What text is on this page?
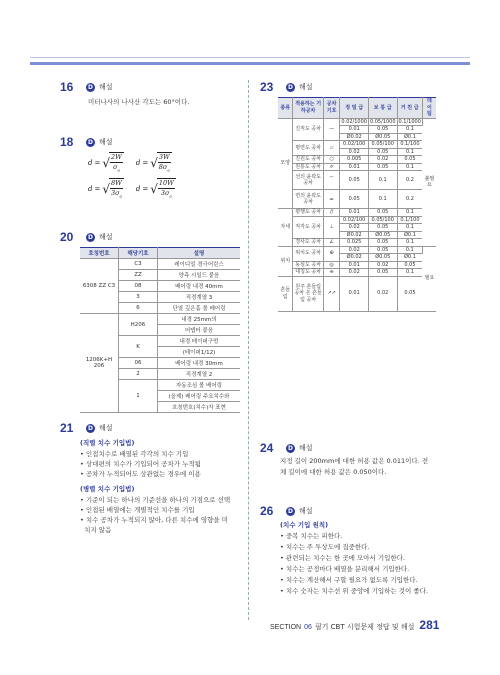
16	D 해설
미터나사의 나사산 각도는 60°이다.
18	D 해설
d = √ $\frac{2W}{\sigma_a}$ d = √ $\frac{3W}{8\sigma_a}$
d = √ $\frac{8W}{3\sigma_a}$ d = √ $\frac{10W}{3\sigma_a}$
20	D 해설
호칭번호	해당기호	설명
6308 ZZ C3	C3	레이디얼 경극어린스
	ZZ	양측 시일드 붙음
	08	베어링 내경 40mm
	3	직경계열 3
	6	단열 깊은홈 볼 베어링
1206K+H 206	H206	내경 25mm의
		어댑터 붙음
	K	내경 테이퍼구멍
		(테이퍼1/12)
	06	베어링 내경 30mm
	2	직경계열 2
	1	자동조심 볼 베어링
		(올제) 베어링 주요치수와
		호칭번호(치수)자 표현
21	D 해설
(직렬 치수 기입법)
• 인접치수로 배열된 각각의 치수 기입
• 상대편의 치수가 기입되어 공차가 누적됨
• 공차가 누적되어도 상관없는 경우에 이용
(병렬 치수 기입법)
• 기준이 되는 하나의 기준선을 하나의 기점으로 선택
• 인접된 배열에는 개별적인 치수를 기입
• 치수 공차가 누적되지 않아, 다른 치수에 영향을 미
치지 않음
23	D 해설
종류	적용하는 기하공차	공차 기호	정 밀 급	보 통 급	거 친 급	데 이 텀
모양	진직도 공차	—	0.02/1000	0.05/1000	0.1/1000	불필요
			0.01	0.05	0.1	
			Ø0.02	Ø0.05	Ø0.1	
	평면도 공차	▱	0.02/100	0.05/100	0.1/100	
			0.02	0.05	0.1	
	진원도 공차	○	0.005	0.02	0.05	
	원통도 공차	⌭	0.01	0.05	0.1	
	선의 윤곽도 공차	⌒	0.05	0.1	0.2	
	면의 윤곽도 공차	⌓	0.05	0.1	0.2	
자세	평행도 공차	//	0.01	0.05	0.1	
	직각도 공차	⊥	0.02/100	0.05/100	0.1/100	
			0.02	0.05	0.1	
			Ø0.02	Ø0.05	Ø0.1	
	경사도 공차	∠	0.025	0.05	0.1	
위치	위치도 공차	⊕	0.02	0.05	0.1	필요
			Ø0.02	Ø0.05	Ø0.1	
	동심도 공차	◎	0.01	0.02	0.05	
	대칭도 공차	⌯	0.02	0.05	0.1	
흔들림	원주 흔들림 공차 온 흔들림 공차	↗↗	0.01	0.02	0.05	
24	D 해설
지정 길이 200mm에 대한 허용 값은 0.011이다. 전
체 길이에 대한 허용 값은 0.050이다.
26	D 해설
(치수 기입 원칙)
• 중복 치수는 피한다.
• 치수는 주 투상도에 집중한다.
• 관련되는 치수는 한 곳에 모아서 기입한다.
• 치수는 공정마다 배열을 분리해서 기입한다.
• 치수는 계산해서 구할 필요가 없도록 기입한다.
• 치수 숫자는 치수선 위 중앙에 기입하는 것이 좋다.
SECTION 06 필기 CBT 시험문제 정답 및 해설 281
